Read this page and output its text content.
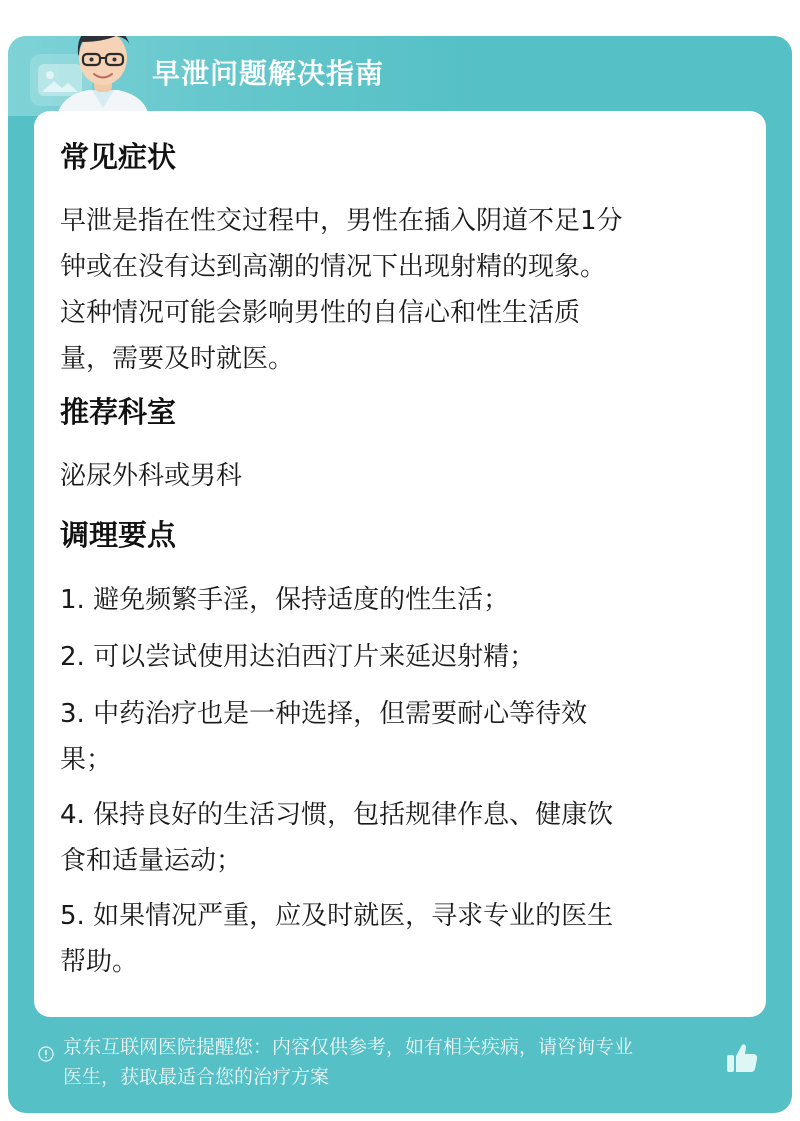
早泄问题解决指南
常见症状
早泄是指在性交过程中，男性在插入阴道不足1分
钟或在没有达到高潮的情况下出现射精的现象。
这种情况可能会影响男性的自信心和性生活质
量，需要及时就医。
推荐科室
泌尿外科或男科
调理要点
1. 避免频繁手淫，保持适度的性生活；
2. 可以尝试使用达泊西汀片来延迟射精；
3. 中药治疗也是一种选择，但需要耐心等待效
果；
4. 保持良好的生活习惯，包括规律作息、健康饮
食和适量运动；
5. 如果情况严重，应及时就医，寻求专业的医生
帮助。
京东互联网医院提醒您：内容仅供参考，如有相关疾病，请咨询专业
医生，获取最适合您的治疗方案
